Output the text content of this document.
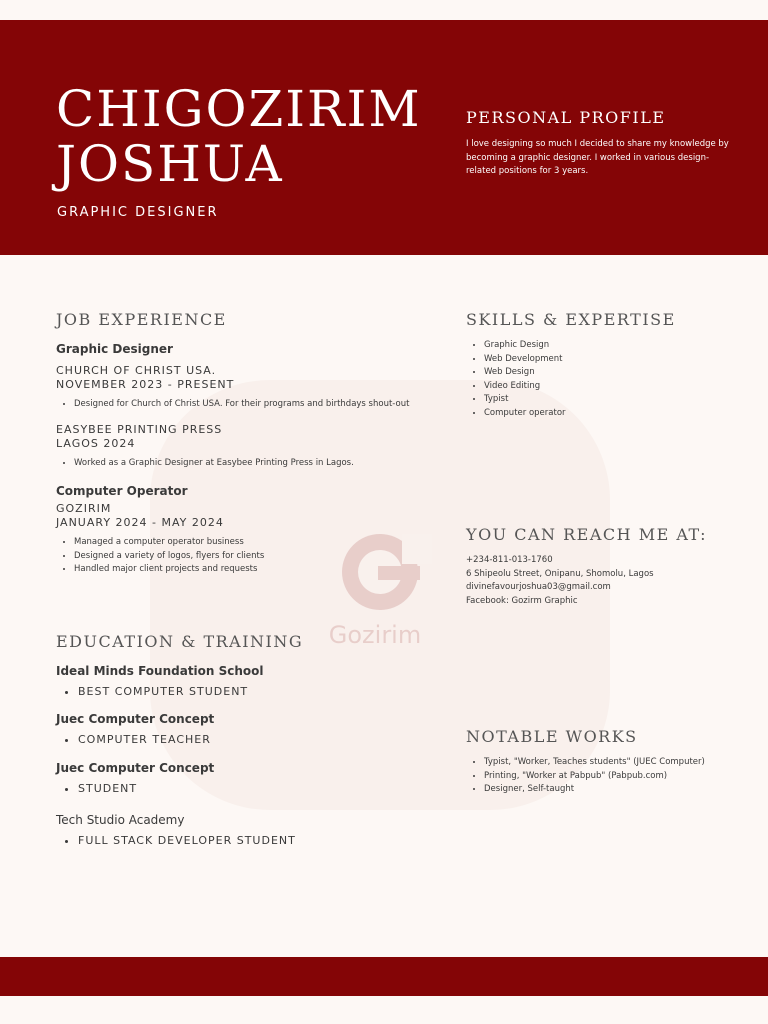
CHIGOZIRIM
JOSHUA
GRAPHIC DESIGNER
PERSONAL PROFILE
I love designing so much I decided to share my knowledge by becoming a graphic designer. I worked in various design-related positions for 3 years.
Gozirim
JOB EXPERIENCE
Graphic Designer
CHURCH OF CHRIST USA.
NOVEMBER 2023 - PRESENT
• Designed for Church of Christ USA. For their programs and birthdays shout-out
EASYBEE PRINTING PRESS
LAGOS 2024
• Worked as a Graphic Designer at Easybee Printing Press in Lagos.
Computer Operator
GOZIRIM
JANUARY 2024 - MAY 2024
• Managed a computer operator business
• Designed a variety of logos, flyers for clients
• Handled major client projects and requests
SKILLS & EXPERTISE
• Graphic Design
• Web Development
• Web Design
• Video Editing
• Typist
• Computer operator
YOU CAN REACH ME AT:
+234-811-013-1760
6 Shipeolu Street, Onipanu, Shomolu, Lagos
divinefavourjoshua03@gmail.com
Facebook: Gozirm Graphic
EDUCATION & TRAINING
Ideal Minds Foundation School
• BEST COMPUTER STUDENT
Juec Computer Concept
• COMPUTER TEACHER
Juec Computer Concept
• STUDENT
Tech Studio Academy
• FULL STACK DEVELOPER STUDENT
NOTABLE WORKS
• Typist, "Worker, Teaches students" (JUEC Computer)
• Printing, "Worker at Pabpub" (Pabpub.com)
• Designer, Self-taught
